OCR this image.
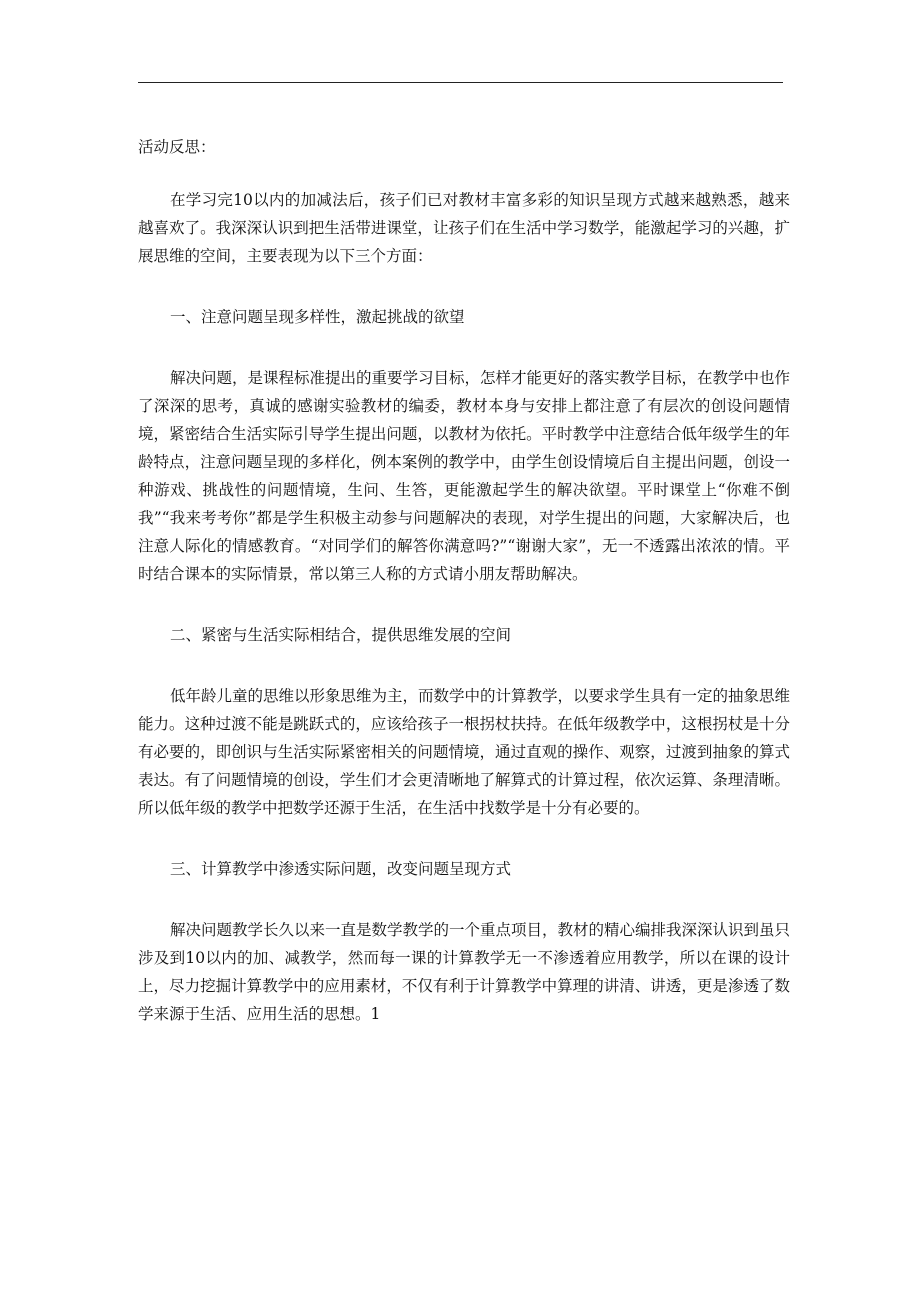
活动反思：

在学习完10以内的加减法后，孩子们已对教材丰富多彩的知识呈现方式越来越熟悉，越来越喜欢了。我深深认识到把生活带进课堂，让孩子们在生活中学习数学，能激起学习的兴趣，扩展思维的空间，主要表现为以下三个方面：

一、注意问题呈现多样性，激起挑战的欲望

解决问题，是课程标准提出的重要学习目标，怎样才能更好的落实教学目标，在教学中也作了深深的思考，真诚的感谢实验教材的编委，教材本身与安排上都注意了有层次的创设问题情境，紧密结合生活实际引导学生提出问题，以教材为依托。平时教学中注意结合低年级学生的年龄特点，注意问题呈现的多样化，例本案例的教学中，由学生创设情境后自主提出问题，创设一种游戏、挑战性的问题情境，生问、生答，更能激起学生的解决欲望。平时课堂上“你难不倒我”“我来考考你”都是学生积极主动参与问题解决的表现，对学生提出的问题，大家解决后，也注意人际化的情感教育。“对同学们的解答你满意吗?”“谢谢大家”，无一不透露出浓浓的情。平时结合课本的实际情景，常以第三人称的方式请小朋友帮助解决。

二、紧密与生活实际相结合，提供思维发展的空间

低年龄儿童的思维以形象思维为主，而数学中的计算教学，以要求学生具有一定的抽象思维能力。这种过渡不能是跳跃式的，应该给孩子一根拐杖扶持。在低年级教学中，这根拐杖是十分有必要的，即创识与生活实际紧密相关的问题情境，通过直观的操作、观察，过渡到抽象的算式表达。有了问题情境的创设，学生们才会更清晰地了解算式的计算过程，依次运算、条理清晰。所以低年级的教学中把数学还源于生活，在生活中找数学是十分有必要的。

三、计算教学中渗透实际问题，改变问题呈现方式

解决问题教学长久以来一直是数学教学的一个重点项目，教材的精心编排我深深认识到虽只涉及到10以内的加、减教学，然而每一课的计算教学无一不渗透着应用教学，所以在课的设计上，尽力挖掘计算教学中的应用素材，不仅有利于计算教学中算理的讲清、讲透，更是渗透了数学来源于生活、应用生活的思想。1
